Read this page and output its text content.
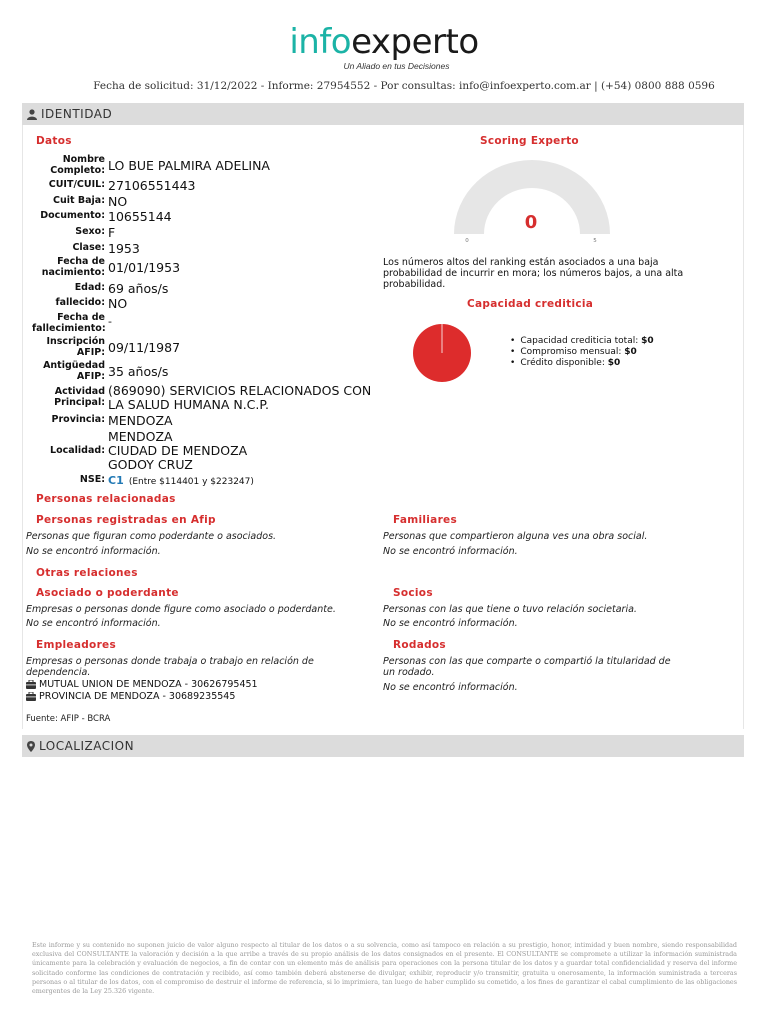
infoexperto
Un Aliado en tus Decisiones
Fecha de solicitud: 31/12/2022 - Informe: 27954552 - Por consultas: info@infoexperto.com.ar | (+54) 0800 888 0596
IDENTIDAD
Datos
Nombre Completo: LO BUE PALMIRA ADELINA
CUIT/CUIL: 27106551443
Cuit Baja: NO
Documento: 10655144
Sexo: F
Clase: 1953
Fecha de nacimiento: 01/01/1953
Edad: 69 años/s
fallecido: NO
Fecha de fallecimiento:
-
Inscripción AFIP: 09/11/1987
Antigüedad AFIP: 35 años/s
Actividad Principal:
(869090) SERVICIOS RELACIONADOS CON
LA SALUD HUMANA N.C.P.
Provincia: MENDOZA
Localidad:
MENDOZA
CIUDAD DE MENDOZA
GODOY CRUZ
NSE: C1 (Entre $114401 y $223247)
Scoring Experto
0
0	5
Los números altos del ranking están asociados a una baja probabilidad de incurrir en mora; los números bajos, a una alta probabilidad.
Capacidad crediticia
• Capacidad crediticia total: $0
• Compromiso mensual: $0
• Crédito disponible: $0
Personas relacionadas
Personas registradas en Afip
Personas que figuran como poderdante o asociados.
No se encontró información.
Familiares
Personas que compartieron alguna ves una obra social.
No se encontró información.
Otras relaciones
Asociado o poderdante
Empresas o personas donde figure como asociado o poderdante.
No se encontró información.
Socios
Personas con las que tiene o tuvo relación societaria.
No se encontró información.
Empleadores
Empresas o personas donde trabaja o trabajo en relación de
dependencia.
MUTUAL UNION DE MENDOZA - 30626795451
PROVINCIA DE MENDOZA - 30689235545
Rodados
Personas con las que comparte o compartió la titularidad de
un rodado.
No se encontró información.
Fuente: AFIP - BCRA
LOCALIZACION
Este informe y su contenido no suponen juicio de valor alguno respecto al titular de los datos o a su solvencia, como así tampoco en relación a su prestigio, honor, intimidad y buen nombre, siendo responsabilidad exclusiva del CONSULTANTE la valoración y decisión a la que arribe a través de su propio análisis de los datos consignados en el presente. El CONSULTANTE se compromete a utilizar la información suministrada únicamente para la celebración y evaluación de negocios, a fin de contar con un elemento más de análisis para operaciones con la persona titular de los datos y a guardar total confidencialidad y reserva del informe solicitado conforme las condiciones de contratación y recibido, así como también deberá abstenerse de divulgar, exhibir, reproducir y/o transmitir, gratuita u onerosamente, la información suministrada a terceras personas o al titular de los datos, con el compromiso de destruir el informe de referencia, si lo imprimiera, tan luego de haber cumplido su cometido, a los fines de garantizar el cabal cumplimiento de las obligaciones emergentes de la Ley 25.326 vigente.
